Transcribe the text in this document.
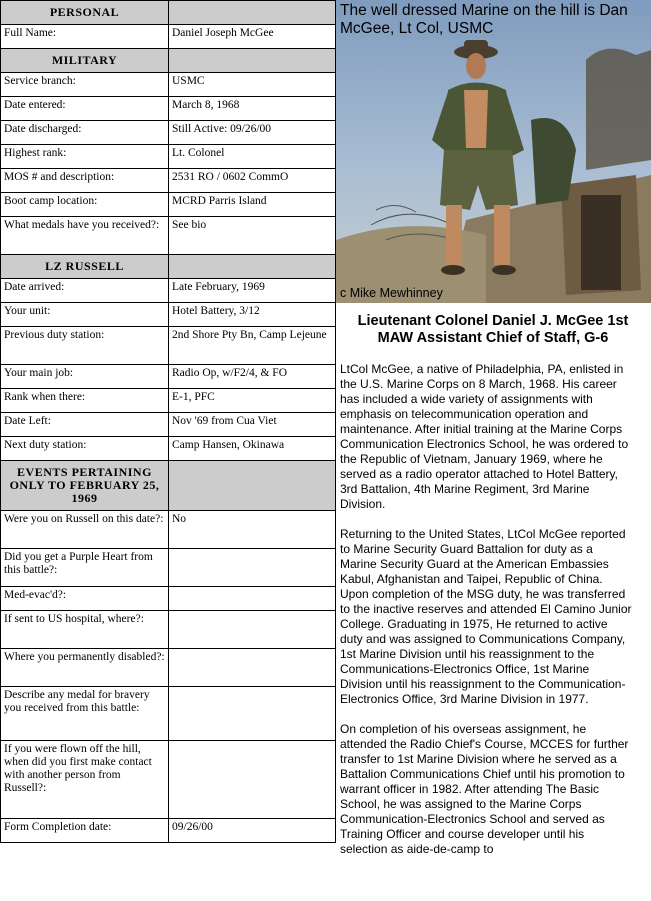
PERSONAL	
Full Name:	Daniel Joseph McGee
MILITARY	
Service branch:	USMC
Date entered:	March 8, 1968
Date discharged:	Still Active: 09/26/00
Highest rank:	Lt. Colonel
MOS # and description:	2531 RO / 0602 CommO
Boot camp location:	MCRD Parris Island
What medals have you received?:	See bio
LZ RUSSELL	
Date arrived:	Late February, 1969
Your unit:	Hotel Battery, 3/12
Previous duty station:	2nd Shore Pty Bn, Camp Lejeune
Your main job:	Radio Op, w/F2/4, & FO
Rank when there:	E-1, PFC
Date Left:	Nov '69 from Cua Viet
Next duty station:	Camp Hansen, Okinawa
EVENTS PERTAINING ONLY TO FEBRUARY 25, 1969	
Were you on Russell on this date?:	No
Did you get a Purple Heart from this battle?:	
Med-evac'd?:	
If sent to US hospital, where?:	
Where you permanently disabled?:	
Describe any medal for bravery you received from this battle:	
If you were flown off the hill, when did you first make contact with another person from Russell?:	
Form Completion date:	09/26/00
The well dressed Marine on the hill is Dan McGee, Lt Col, USMC
c Mike Mewhinney
Lieutenant Colonel Daniel J. McGee 1st MAW Assistant Chief of Staff, G-6

LtCol McGee, a native of Philadelphia, PA, enlisted in the U.S. Marine Corps on 8 March, 1968. His career has included a wide variety of assignments with emphasis on telecommunication operation and maintenance. After initial training at the Marine Corps Communication Electronics School, he was ordered to the Republic of Vietnam, January 1969, where he served as a radio operator attached to Hotel Battery, 3rd Battalion, 4th Marine Regiment, 3rd Marine Division.

Returning to the United States, LtCol McGee reported to Marine Security Guard Battalion for duty as a Marine Security Guard at the American Embassies Kabul, Afghanistan and Taipei, Republic of China. Upon completion of the MSG duty, he was transferred to the inactive reserves and attended El Camino Junior College. Graduating in 1975, He returned to active duty and was assigned to Communications Company, 1st Marine Division until his reassignment to the Communications-Electronics Office, 1st Marine Division until his reassignment to the Communication-Electronics Office, 3rd Marine Division in 1977.

On completion of his overseas assignment, he attended the Radio Chief's Course, MCCES for further transfer to 1st Marine Division where he served as a Battalion Communications Chief until his promotion to warrant officer in 1982. After attending The Basic School, he was assigned to the Marine Corps Communication-Electronics School and served as Training Officer and course developer until his selection as aide-de-camp to
